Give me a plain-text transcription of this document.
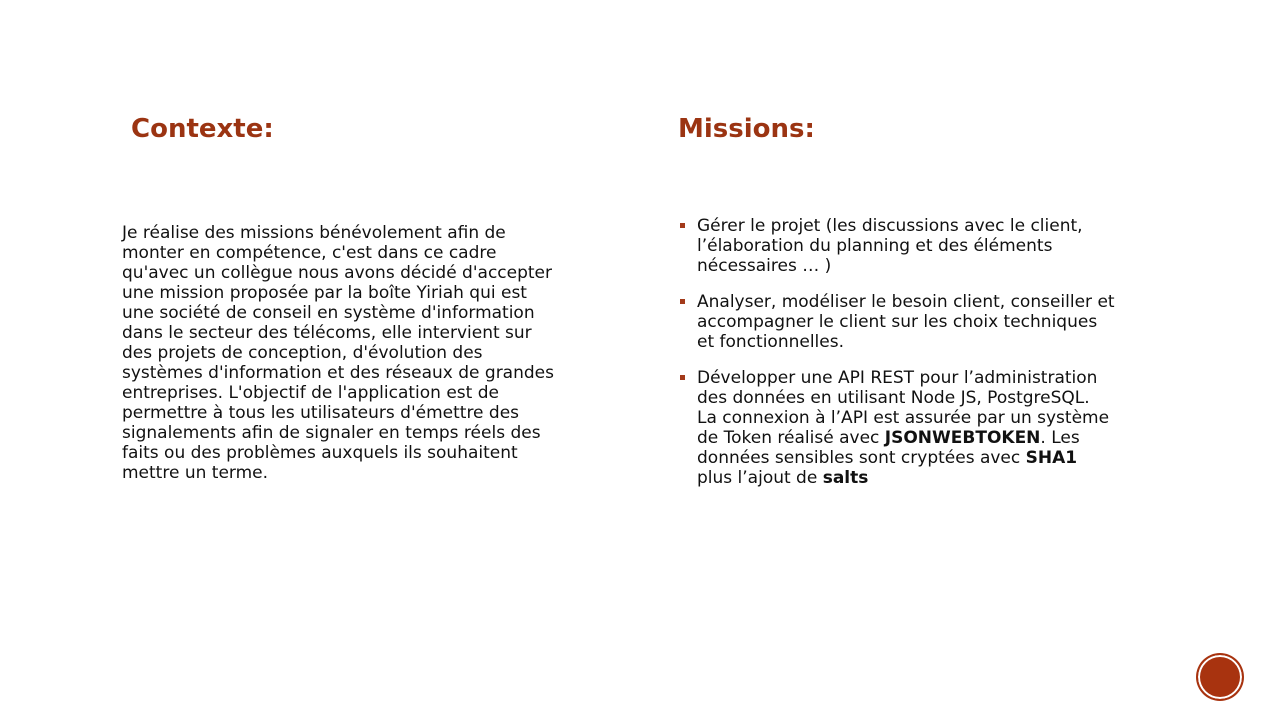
Contexte:	Missions:
Je réalise des missions bénévolement afin de
monter en compétence, c'est dans ce cadre
qu'avec un collègue nous avons décidé d'accepter
une mission proposée par la boîte Yiriah qui est
une société de conseil en système d'information
dans le secteur des télécoms, elle intervient sur
des projets de conception, d'évolution des
systèmes d'information et des réseaux de grandes
entreprises. L'objectif de l'application est de
permettre à tous les utilisateurs d'émettre des
signalements afin de signaler en temps réels des
faits ou des problèmes auxquels ils souhaitent
mettre un terme.
Gérer le projet (les discussions avec le client,
l’élaboration du planning et des éléments
nécessaires … )
Analyser, modéliser le besoin client, conseiller et
accompagner le client sur les choix techniques
et fonctionnelles.
Développer une API REST pour l’administration
des données en utilisant Node JS, PostgreSQL.
La connexion à l’API est assurée par un système
de Token réalisé avec JSONWEBTOKEN. Les
données sensibles sont cryptées avec SHA1
plus l’ajout de salts
